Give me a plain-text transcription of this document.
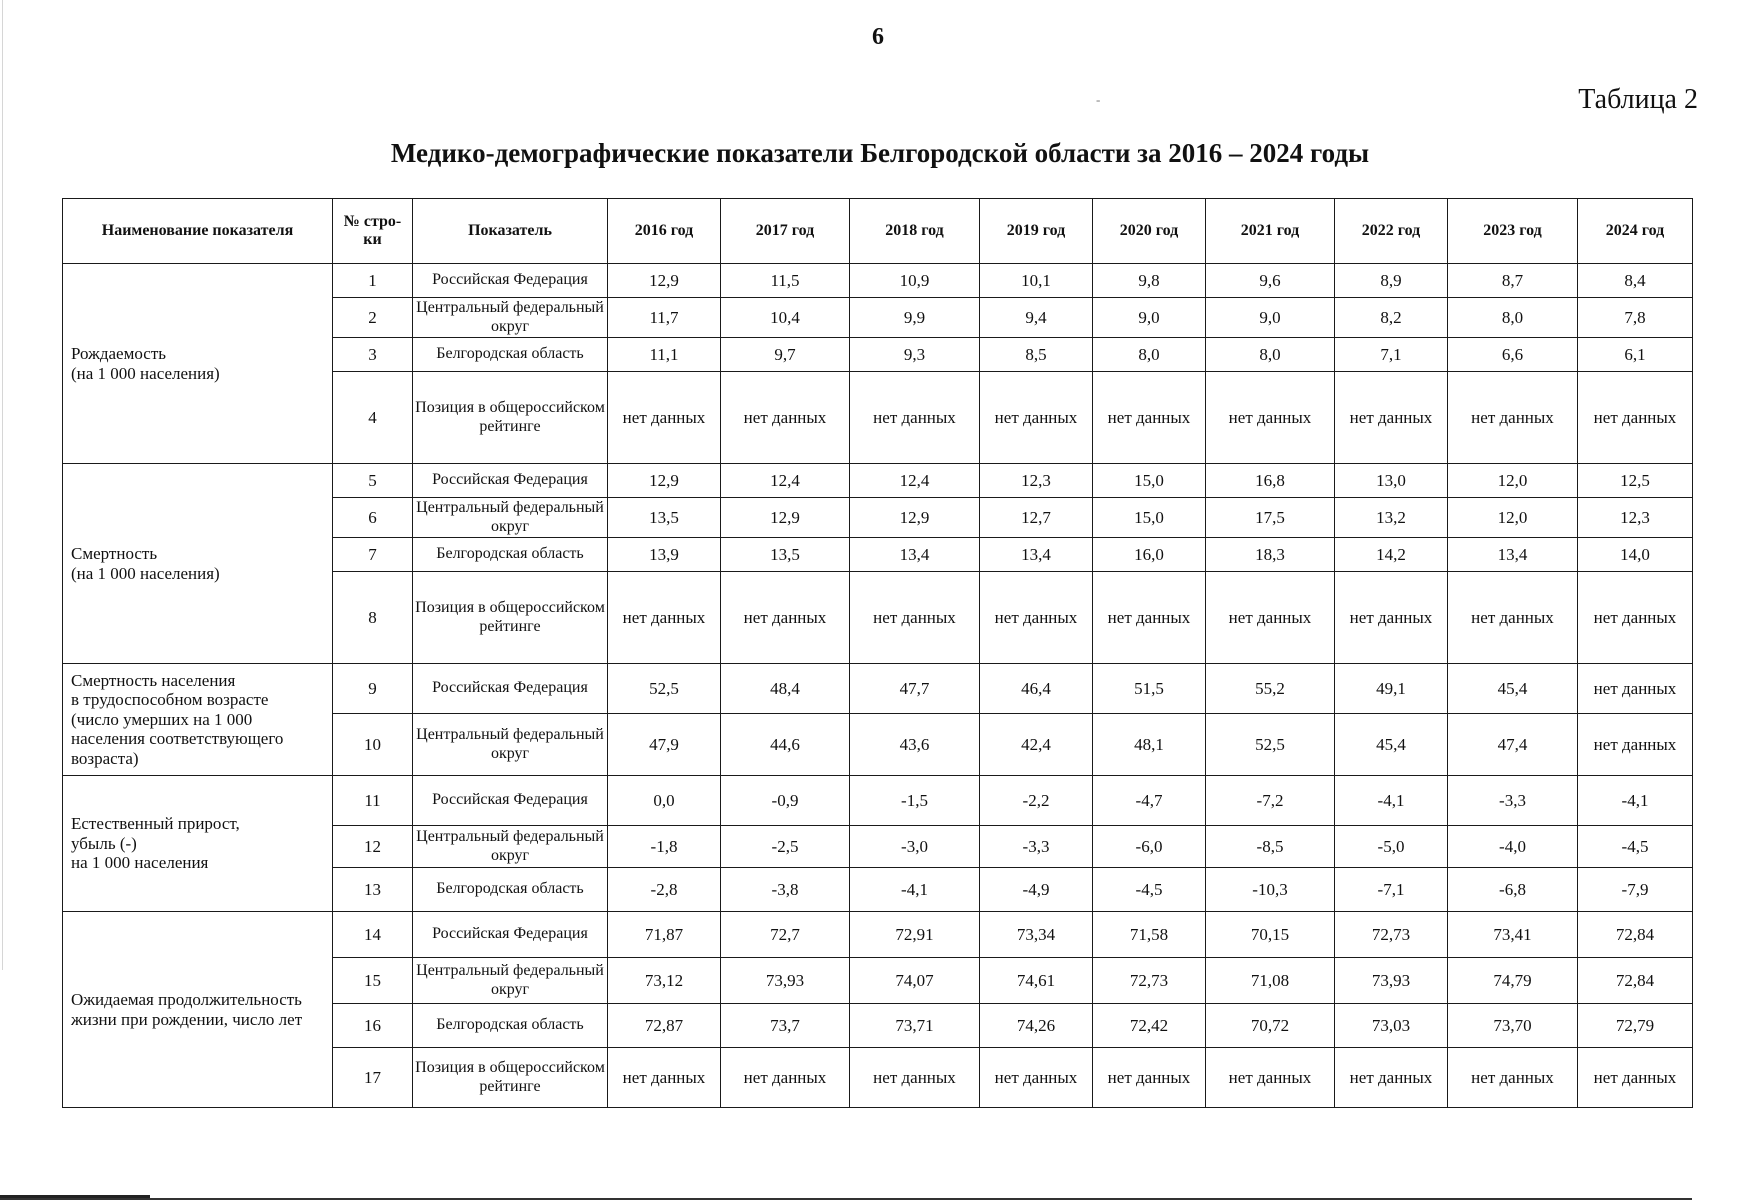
6
-	Таблица 2
Медико-демографические показатели Белгородской области за 2016 – 2024 годы
Наименование показателя	№ стро-ки	Показатель	2016 год	2017 год	2018 год	2019 год	2020 год	2021 год	2022 год	2023 год	2024 год
Рождаемость
(на 1 000 населения)	1	Российская Федерация	12,9	11,5	10,9	10,1	9,8	9,6	8,9	8,7	8,4
	2	Центральный федеральный округ	11,7	10,4	9,9	9,4	9,0	9,0	8,2	8,0	7,8
	3	Белгородская область	11,1	9,7	9,3	8,5	8,0	8,0	7,1	6,6	6,1
	4	Позиция в общероссийском рейтинге	нет данных	нет данных	нет данных	нет данных	нет данных	нет данных	нет данных	нет данных	нет данных
Смертность
(на 1 000 населения)	5	Российская Федерация	12,9	12,4	12,4	12,3	15,0	16,8	13,0	12,0	12,5
	6	Центральный федеральный округ	13,5	12,9	12,9	12,7	15,0	17,5	13,2	12,0	12,3
	7	Белгородская область	13,9	13,5	13,4	13,4	16,0	18,3	14,2	13,4	14,0
	8	Позиция в общероссийском рейтинге	нет данных	нет данных	нет данных	нет данных	нет данных	нет данных	нет данных	нет данных	нет данных
Смертность населения
в трудоспособном возрасте
(число умерших на 1 000
населения соответствующего
возраста)	9	Российская Федерация	52,5	48,4	47,7	46,4	51,5	55,2	49,1	45,4	нет данных
	10	Центральный федеральный округ	47,9	44,6	43,6	42,4	48,1	52,5	45,4	47,4	нет данных
Естественный прирост,
убыль (-)
на 1 000 населения	11	Российская Федерация	0,0	-0,9	-1,5	-2,2	-4,7	-7,2	-4,1	-3,3	-4,1
	12	Центральный федеральный округ	-1,8	-2,5	-3,0	-3,3	-6,0	-8,5	-5,0	-4,0	-4,5
	13	Белгородская область	-2,8	-3,8	-4,1	-4,9	-4,5	-10,3	-7,1	-6,8	-7,9
Ожидаемая продолжительность
жизни при рождении, число лет	14	Российская Федерация	71,87	72,7	72,91	73,34	71,58	70,15	72,73	73,41	72,84
	15	Центральный федеральный округ	73,12	73,93	74,07	74,61	72,73	71,08	73,93	74,79	72,84
	16	Белгородская область	72,87	73,7	73,71	74,26	72,42	70,72	73,03	73,70	72,79
	17	Позиция в общероссийском рейтинге	нет данных	нет данных	нет данных	нет данных	нет данных	нет данных	нет данных	нет данных	нет данных
